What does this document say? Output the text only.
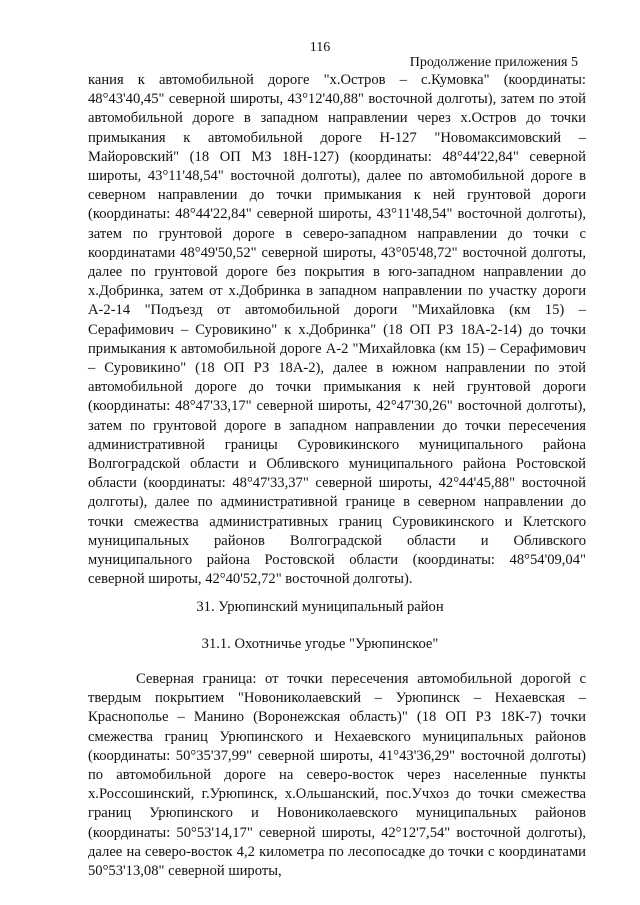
116
Продолжение приложения 5

кания к автомобильной дороге "х.Остров – с.Кумовка" (координаты: 48°43'40,45" северной широты, 43°12'40,88" восточной долготы), затем по этой автомобильной дороге в западном направлении через х.Остров до точки примыкания к автомобильной дороге Н-127 "Новомаксимовский – Майоровский" (18 ОП МЗ 18Н-127) (координаты: 48°44'22,84" северной широты, 43°11'48,54" восточной долготы), далее по автомобильной дороге в северном направлении до точки примыкания к ней грунтовой дороги (координаты: 48°44'22,84" северной широты, 43°11'48,54" восточной долготы), затем по грунтовой дороге в северо-западном направлении до точки с координатами 48°49'50,52" северной широты, 43°05'48,72" восточной долготы, далее по грунтовой дороге без покрытия в юго-западном направлении до х.Добринка, затем от х.Добринка в западном направлении по участку дороги А-2-14 "Подъезд от автомобильной дороги "Михайловка (км 15) – Серафимович – Суровикино" к х.Добринка" (18 ОП РЗ 18А-2-14) до точки примыкания к автомобильной дороге А-2 "Михайловка (км 15) – Серафимович – Суровикино" (18 ОП РЗ 18А-2), далее в южном направлении по этой автомобильной дороге до точки примыкания к ней грунтовой дороги (координаты: 48°47'33,17" северной широты, 42°47'30,26" восточной долготы), затем по грунтовой дороге в западном направлении до точки пересечения административной границы Суровикинского муниципального района Волгоградской области и Обливского муниципального района Ростовской области (координаты: 48°47'33,37" северной широты, 42°44'45,88" восточной долготы), далее по административной границе в северном направлении до точки смежества административных границ Суровикинского и Клетского муниципальных районов Волгоградской области и Обливского муниципального района Ростовской области (координаты: 48°54'09,04" северной широты, 42°40'52,72" восточной долготы).

31. Урюпинский муниципальный район
31.1. Охотничье угодье "Урюпинское"

Северная граница: от точки пересечения автомобильной дорогой с твердым покрытием "Новониколаевский – Урюпинск – Нехаевская – Краснополье – Манино (Воронежская область)" (18 ОП РЗ 18К-7) точки смежества границ Урюпинского и Нехаевского муниципальных районов (координаты: 50°35'37,99" северной широты, 41°43'36,29" восточной долготы) по автомобильной дороге на северо-восток через населенные пункты х.Россошинский, г.Урюпинск, х.Ольшанский, пос.Учхоз до точки смежества границ Урюпинского и Новониколаевского муниципальных районов (координаты: 50°53'14,17" северной широты, 42°12'7,54" восточной долготы), далее на северо-восток 4,2 километра по лесопосадке до точки с координатами 50°53'13,08" северной широты,
